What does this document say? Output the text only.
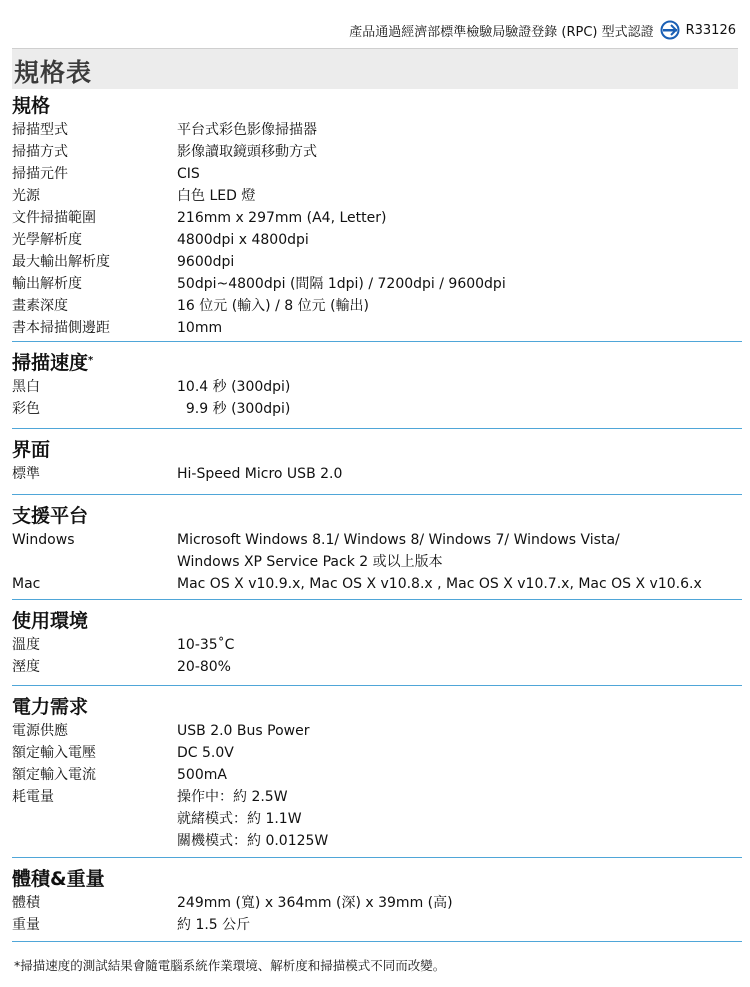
產品通過經濟部標準檢驗局驗證登錄 (RPC) 型式認證 R33126
規格表
規格
掃描型式	平台式彩色影像掃描器
掃描方式	影像讀取鏡頭移動方式
掃描元件	CIS
光源	白色 LED 燈
文件掃描範圍	216mm x 297mm (A4, Letter)
光學解析度	4800dpi x 4800dpi
最大輸出解析度	9600dpi
輸出解析度	50dpi~4800dpi (間隔 1dpi) / 7200dpi / 9600dpi
畫素深度	16 位元 (輸入) / 8 位元 (輸出)
書本掃描側邊距	10mm
掃描速度*
黑白	10.4 秒 (300dpi)
彩色	9.9 秒 (300dpi)
界面
標準	Hi-Speed Micro USB 2.0
支援平台
Windows	Microsoft Windows 8.1/ Windows 8/ Windows 7/ Windows Vista/
Windows XP Service Pack 2 或以上版本
Mac	Mac OS X v10.9.x, Mac OS X v10.8.x , Mac OS X v10.7.x, Mac OS X v10.6.x
使用環境
溫度	10-35˚C
溼度	20-80%
電力需求
電源供應	USB 2.0 Bus Power
額定輸入電壓	DC 5.0V
額定輸入電流	500mA
耗電量	操作中：約 2.5W
就緒模式：約 1.1W
關機模式：約 0.0125W
體積&重量
體積	249mm (寬) x 364mm (深) x 39mm (高)
重量	約 1.5 公斤
*掃描速度的測試結果會隨電腦系統作業環境、解析度和掃描模式不同而改變。
